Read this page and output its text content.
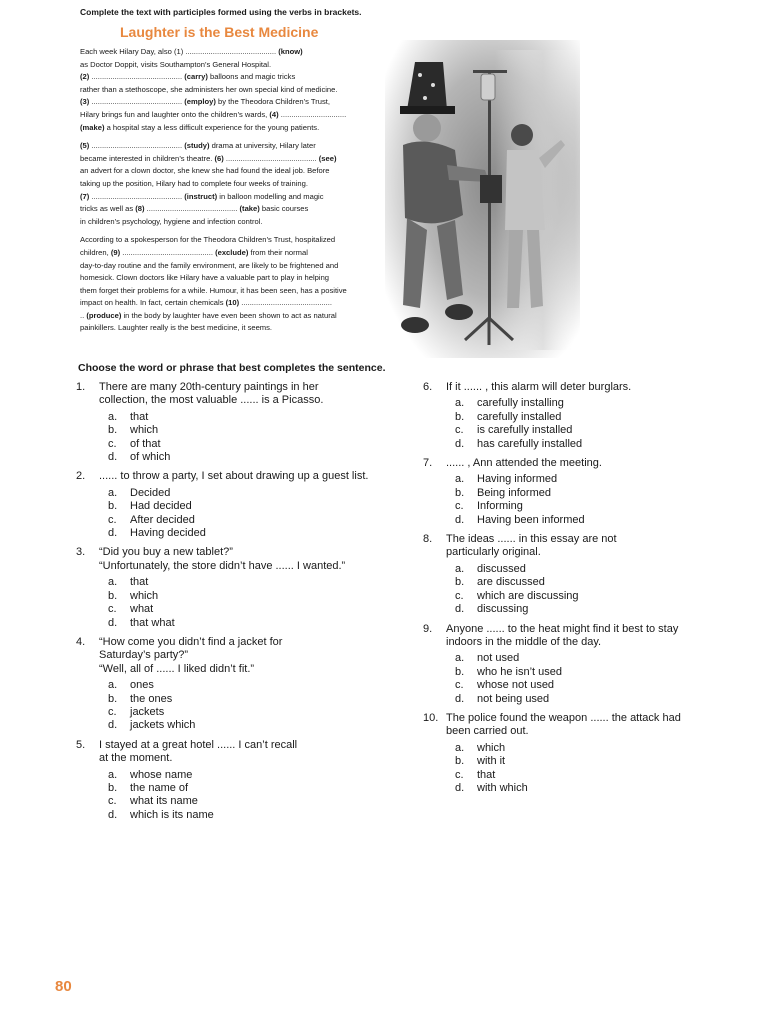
Complete the text with participles formed using the verbs in brackets.
Laughter is the Best Medicine

Each week Hilary Day, also (1) ........................................... (know)
as Doctor Doppit, visits Southampton’s General Hospital.
(2) ........................................... (carry) balloons and magic tricks
rather than a stethoscope, she administers her own special kind of medicine.
(3) ........................................... (employ) by the Theodora Children’s Trust,
Hilary brings fun and laughter onto the children’s wards, (4) ...............................
(make) a hospital stay a less difficult experience for the young patients.

(5) ........................................... (study) drama at university, Hilary later
became interested in children’s theatre. (6) ........................................... (see)
an advert for a clown doctor, she knew she had found the ideal job. Before
taking up the position, Hilary had to complete four weeks of training.
(7) ........................................... (instruct) in balloon modelling and magic
tricks as well as (8) ........................................... (take) basic courses
in children’s psychology, hygiene and infection control.

According to a spokesperson for the Theodora Children’s Trust, hospitalized
children, (9) ........................................... (exclude) from their normal
day-to-day routine and the family environment, are likely to be frightened and
homesick. Clown doctors like Hilary have a valuable part to play in helping
them forget their problems for a while. Humour, it has been seen, has a positive
impact on health. In fact, certain chemicals (10) ...........................................
.. (produce) in the body by laughter have even been shown to act as natural
painkillers. Laughter really is the best medicine, it seems.

Choose the word or phrase that best completes the sentence.
1.	There are many 20th-century paintings in her
collection, the most valuable ...... is a Picasso.
a.	that
b.	which
c.	of that
d.	of which
2.	...... to throw a party, I set about drawing up a guest list.
a.	Decided
b.	Had decided
c.	After decided
d.	Having decided
3.	“Did you buy a new tablet?”
“Unfortunately, the store didn’t have ...... I wanted.”
a.	that
b.	which
c.	what
d.	that what
4.	“How come you didn’t find a jacket for
Saturday’s party?”
“Well, all of ...... I liked didn’t fit.”
a.	ones
b.	the ones
c.	jackets
d.	jackets which
5.	I stayed at a great hotel ...... I can’t recall
at the moment.
a.	whose name
b.	the name of
c.	what its name
d.	which is its name
6.	If it ...... , this alarm will deter burglars.
a.	carefully installing
b.	carefully installed
c.	is carefully installed
d.	has carefully installed
7.	...... , Ann attended the meeting.
a.	Having informed
b.	Being informed
c.	Informing
d.	Having been informed
8.	The ideas ...... in this essay are not
particularly original.
a.	discussed
b.	are discussed
c.	which are discussing
d.	discussing
9.	Anyone ...... to the heat might find it best to stay
indoors in the middle of the day.
a.	not used
b.	who he isn’t used
c.	whose not used
d.	not being used
10. The police found the weapon ...... the attack had
been carried out.
a.	which
b.	with it
c.	that
d.	with which
80
